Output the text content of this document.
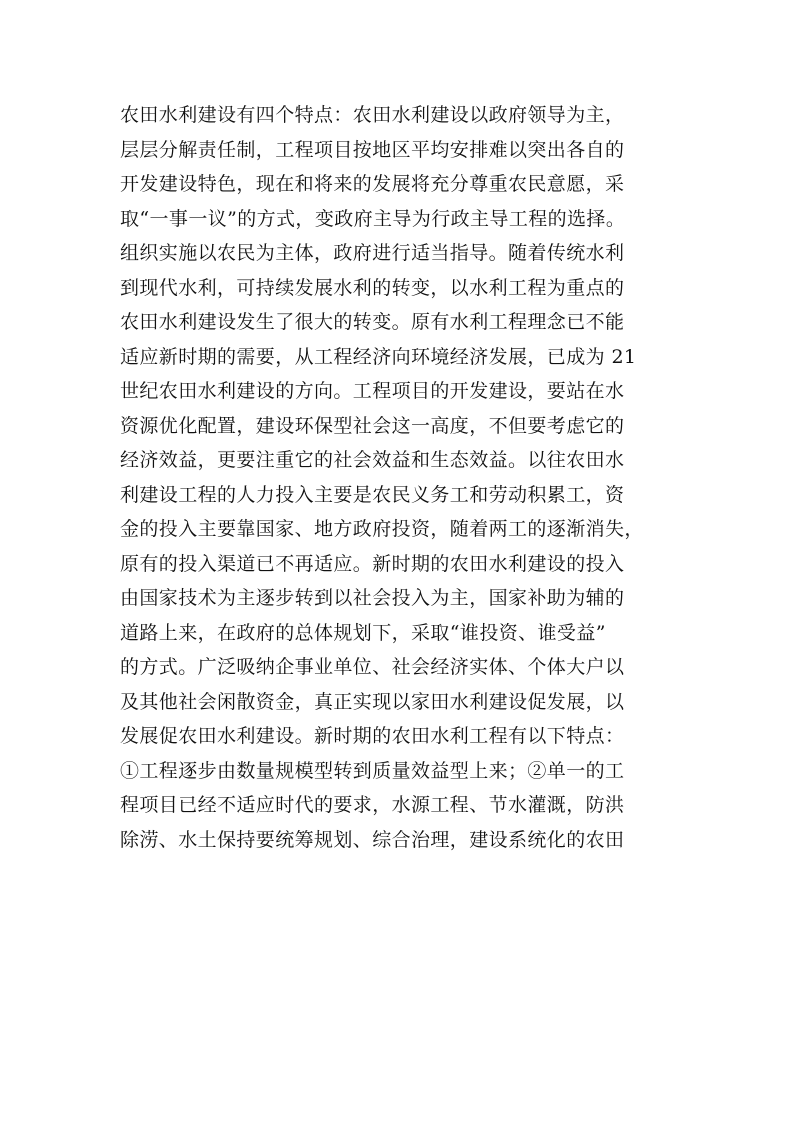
农田水利建设有四个特点：农田水利建设以政府领导为主，
层层分解责任制，工程项目按地区平均安排难以突出各自的
开发建设特色，现在和将来的发展将充分尊重农民意愿，采
取“一事一议”的方式，变政府主导为行政主导工程的选择。
组织实施以农民为主体，政府进行适当指导。随着传统水利
到现代水利，可持续发展水利的转变，以水利工程为重点的
农田水利建设发生了很大的转变。原有水利工程理念已不能
适应新时期的需要，从工程经济向环境经济发展，已成为 21
世纪农田水利建设的方向。工程项目的开发建设，要站在水
资源优化配置，建设环保型社会这一高度，不但要考虑它的
经济效益，更要注重它的社会效益和生态效益。以往农田水
利建设工程的人力投入主要是农民义务工和劳动积累工，资
金的投入主要靠国家、地方政府投资，随着两工的逐渐消失，
原有的投入渠道已不再适应。新时期的农田水利建设的投入
由国家技术为主逐步转到以社会投入为主，国家补助为辅的
道路上来，在政府的总体规划下，采取“谁投资、谁受益”
的方式。广泛吸纳企事业单位、社会经济实体、个体大户以
及其他社会闲散资金，真正实现以家田水利建设促发展，以
发展促农田水利建设。新时期的农田水利工程有以下特点：
①工程逐步由数量规模型转到质量效益型上来；②单一的工
程项目已经不适应时代的要求，水源工程、节水灌溉，防洪
除涝、水土保持要统筹规划、综合治理，建设系统化的农田
